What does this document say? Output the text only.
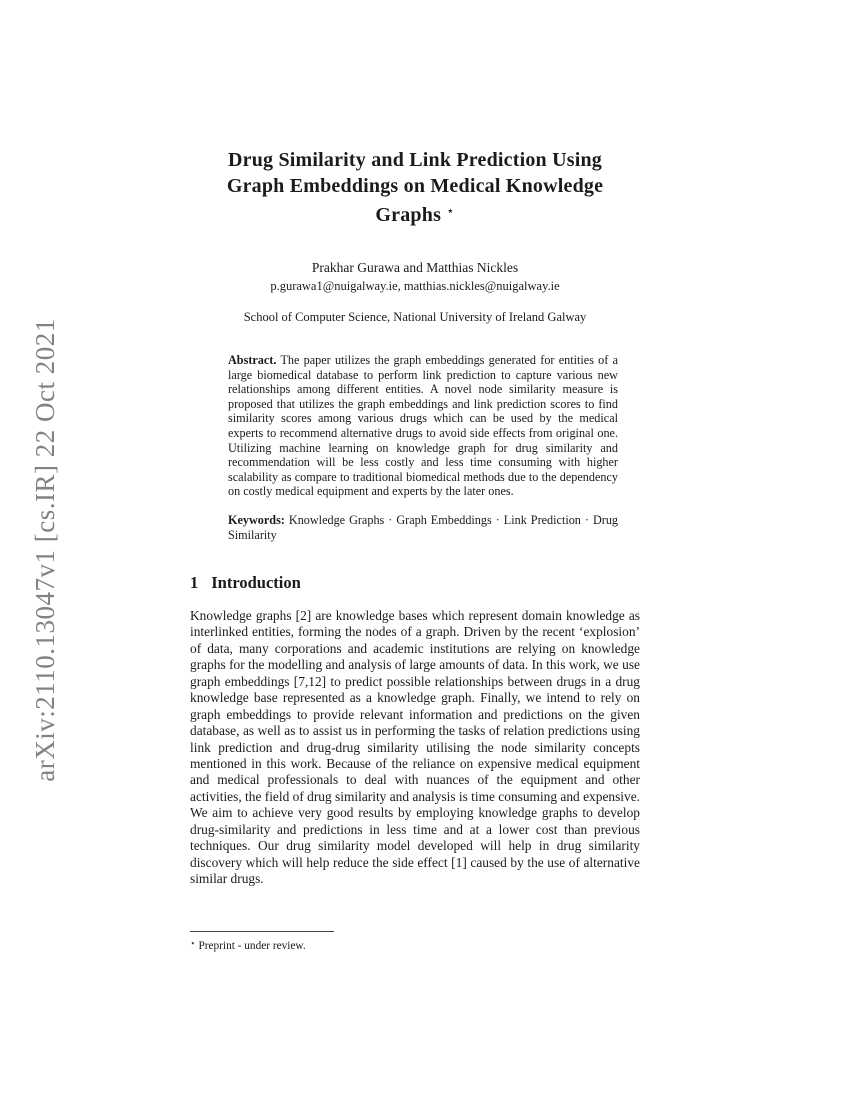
arXiv:2110.13047v1 [cs.IR] 22 Oct 2021
Drug Similarity and Link Prediction Using
Graph Embeddings on Medical Knowledge
Graphs ⋆
Prakhar Gurawa and Matthias Nickles
p.gurawa1@nuigalway.ie, matthias.nickles@nuigalway.ie
School of Computer Science, National University of Ireland Galway

Abstract. The paper utilizes the graph embeddings generated for entities of a large biomedical database to perform link prediction to capture various new relationships among different entities. A novel node similarity measure is proposed that utilizes the graph embeddings and link prediction scores to find similarity scores among various drugs which can be used by the medical experts to recommend alternative drugs to avoid side effects from original one. Utilizing machine learning on knowledge graph for drug similarity and recommendation will be less costly and less time consuming with higher scalability as compare to traditional biomedical methods due to the dependency on costly medical equipment and experts by the later ones.

Keywords: Knowledge Graphs · Graph Embeddings · Link Prediction · Drug Similarity

1 Introduction

Knowledge graphs [2] are knowledge bases which represent domain knowledge as interlinked entities, forming the nodes of a graph. Driven by the recent ‘explosion’ of data, many corporations and academic institutions are relying on knowledge graphs for the modelling and analysis of large amounts of data. In this work, we use graph embeddings [7,12] to predict possible relationships between drugs in a drug knowledge base represented as a knowledge graph. Finally, we intend to rely on graph embeddings to provide relevant information and predictions on the given database, as well as to assist us in performing the tasks of relation predictions using link prediction and drug-drug similarity utilising the node similarity concepts mentioned in this work. Because of the reliance on expensive medical equipment and medical professionals to deal with nuances of the equipment and other activities, the field of drug similarity and analysis is time consuming and expensive. We aim to achieve very good results by employing knowledge graphs to develop drug-similarity and predictions in less time and at a lower cost than previous techniques. Our drug similarity model developed will help in drug similarity discovery which will help reduce the side effect [1] caused by the use of alternative similar drugs.

⋆ Preprint - under review.
